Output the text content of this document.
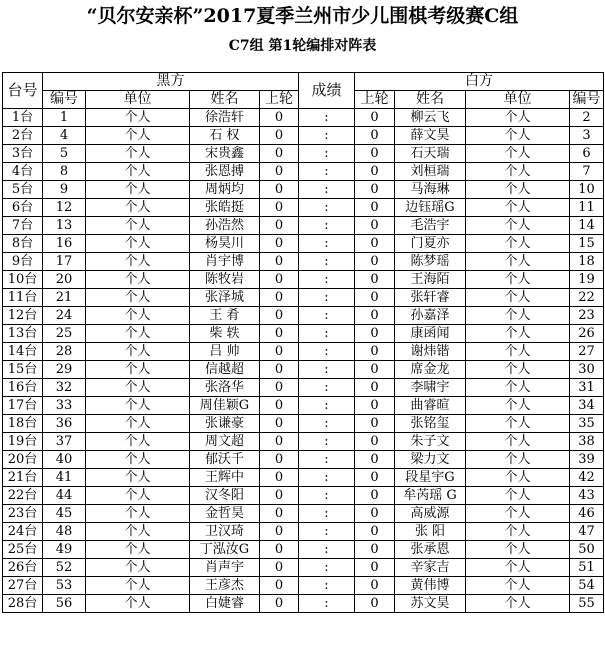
“贝尔安亲杯”2017夏季兰州市少儿围棋考级赛C组
C7组 第1轮编排对阵表
台号	黑方				成绩	白方			
	编号	单位	姓名	上轮		上轮	姓名	单位	编号
1台	1	个人	徐浩轩	0	:	0	柳云飞	个人	2
2台	4	个人	石 权	0	:	0	薛文昊	个人	3
3台	5	个人	宋贵鑫	0	:	0	石天瑞	个人	6
4台	8	个人	张恩搏	0	:	0	刘桓瑞	个人	7
5台	9	个人	周炳均	0	:	0	马海琳	个人	10
6台	12	个人	张皓挺	0	:	0	边钰瑶G	个人	11
7台	13	个人	孙浩然	0	:	0	毛浩宇	个人	14
8台	16	个人	杨昊川	0	:	0	门夏亦	个人	15
9台	17	个人	肖宇博	0	:	0	陈梦瑶	个人	18
10台	20	个人	陈牧岩	0	:	0	王海陌	个人	19
11台	21	个人	张泽城	0	:	0	张轩睿	个人	22
12台	24	个人	王 肴	0	:	0	孙嘉泽	个人	23
13台	25	个人	柴 轶	0	:	0	康函闻	个人	26
14台	28	个人	吕 帅	0	:	0	谢炜锴	个人	27
15台	29	个人	信越超	0	:	0	席金龙	个人	30
16台	32	个人	张洛华	0	:	0	李啸宇	个人	31
17台	33	个人	周佳颖G	0	:	0	曲睿暄	个人	34
18台	36	个人	张谦豪	0	:	0	张铭玺	个人	35
19台	37	个人	周文超	0	:	0	朱子文	个人	38
20台	40	个人	郁沃千	0	:	0	梁力文	个人	39
21台	41	个人	王辉中	0	:	0	段星宇G	个人	42
22台	44	个人	汉冬阳	0	:	0	牟芮瑶 G	个人	43
23台	45	个人	金哲昊	0	:	0	高威源	个人	46
24台	48	个人	卫汉琦	0	:	0	张 阳	个人	47
25台	49	个人	丁泓汝G	0	:	0	张承恩	个人	50
26台	52	个人	肖声宇	0	:	0	辛家吉	个人	51
27台	53	个人	王彦杰	0	:	0	黄伟博	个人	54
28台	56	个人	白婕睿	0	:	0	苏文昊	个人	55
